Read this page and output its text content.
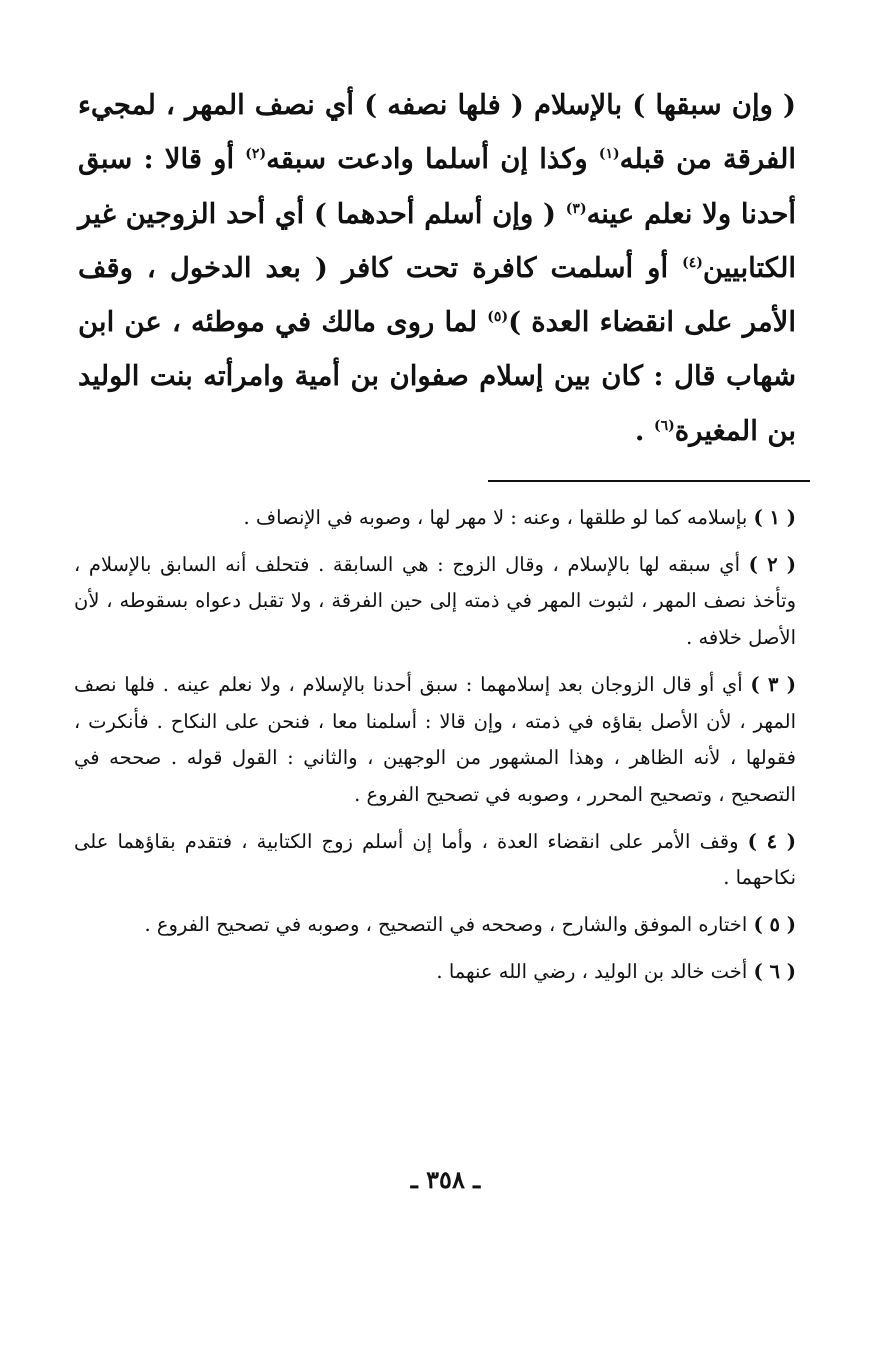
( وإن سبقها ) بالإسلام ( فلها نصفه ) أي نصف المهر ، لمجيء الفرقة من قبله$^{(١)}$ وكذا إن أسلما وادعت سبقه$^{(٢)}$ أو قالا : سبق أحدنا ولا نعلم عينه$^{(٣)}$ ( وإن أسلم أحدهما ) أي أحد الزوجين غير الكتابيين$^{(٤)}$ أو أسلمت كافرة تحت كافر ( بعد الدخول ، وقف الأمر على انقضاء العدة )$^{(٥)}$ لما روى مالك في موطئه ، عن ابن شهاب قال : كان بين إسلام صفوان بن أمية وامرأته بنت الوليد بن المغيرة$^{(٦)}$ .

( ١ ) بإسلامه كما لو طلقها ، وعنه : لا مهر لها ، وصوبه في الإنصاف .

( ٢ ) أي سبقه لها بالإسلام ، وقال الزوج : هي السابقة . فتحلف أنه السابق بالإسلام ، وتأخذ نصف المهر ، لثبوت المهر في ذمته إلى حين الفرقة ، ولا تقبل دعواه بسقوطه ، لأن الأصل خلافه .

( ٣ ) أي أو قال الزوجان بعد إسلامهما : سبق أحدنا بالإسلام ، ولا نعلم عينه . فلها نصف المهر ، لأن الأصل بقاؤه في ذمته ، وإن قالا : أسلمنا معا ، فنحن على النكاح . فأنكرت ، فقولها ، لأنه الظاهر ، وهذا المشهور من الوجهين ، والثاني : القول قوله . صححه في التصحيح ، وتصحيح المحرر ، وصوبه في تصحيح الفروع .

( ٤ ) وقف الأمر على انقضاء العدة ، وأما إن أسلم زوج الكتابية ، فتقدم بقاؤهما على نكاحهما .

( ٥ ) اختاره الموفق والشارح ، وصححه في التصحيح ، وصوبه في تصحيح الفروع .

( ٦ ) أخت خالد بن الوليد ، رضي الله عنهما .

ـ ٣٥٨ ـ
